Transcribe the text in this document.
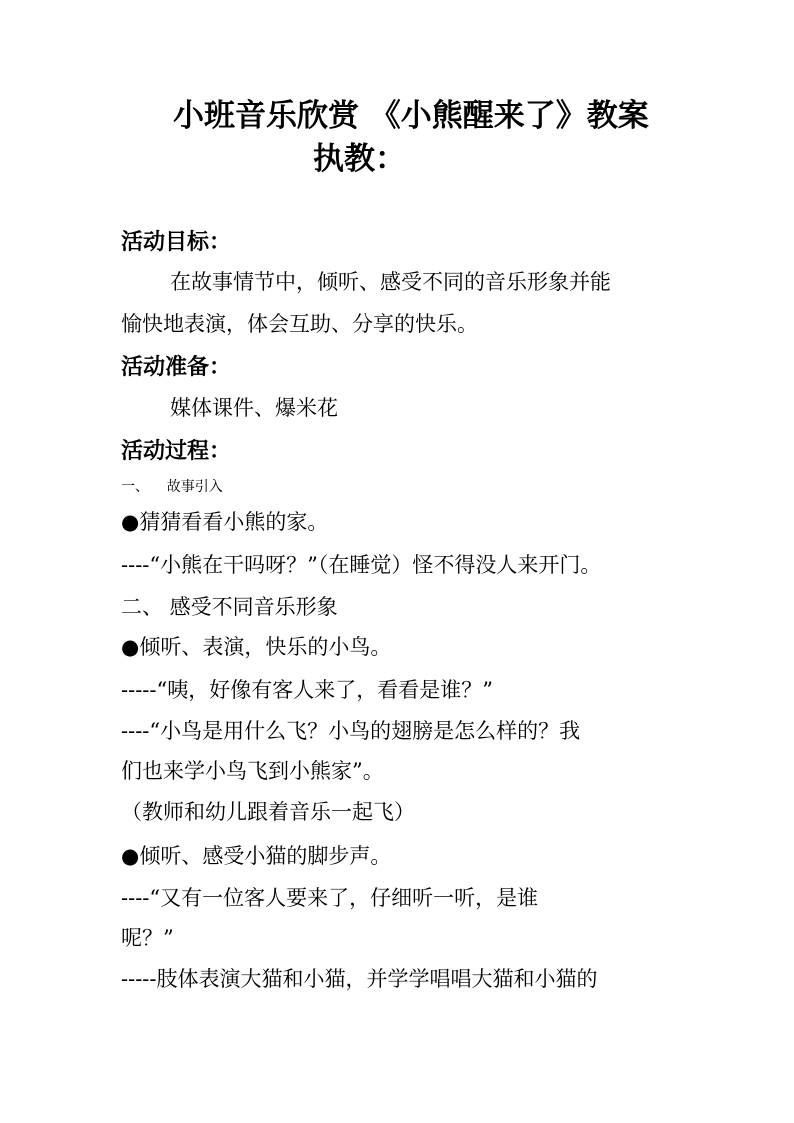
小班音乐欣赏 《小熊醒来了》教案
执教：
活动目标：
在故事情节中，倾听、感受不同的音乐形象并能
愉快地表演，体会互助、分享的快乐。
活动准备：
媒体课件、爆米花
活动过程：
一、    故事引入
●猜猜看看小熊的家。
----“小熊在干吗呀？”（在睡觉）怪不得没人来开门。
二、 感受不同音乐形象
●倾听、表演，快乐的小鸟。
-----“咦，好像有客人来了，看看是谁？”
----“小鸟是用什么飞？小鸟的翅膀是怎么样的？我
们也来学小鸟飞到小熊家”。
（教师和幼儿跟着音乐一起飞）
●倾听、感受小猫的脚步声。
----“又有一位客人要来了，仔细听一听，是谁
呢？”
-----肢体表演大猫和小猫，并学学唱唱大猫和小猫的
